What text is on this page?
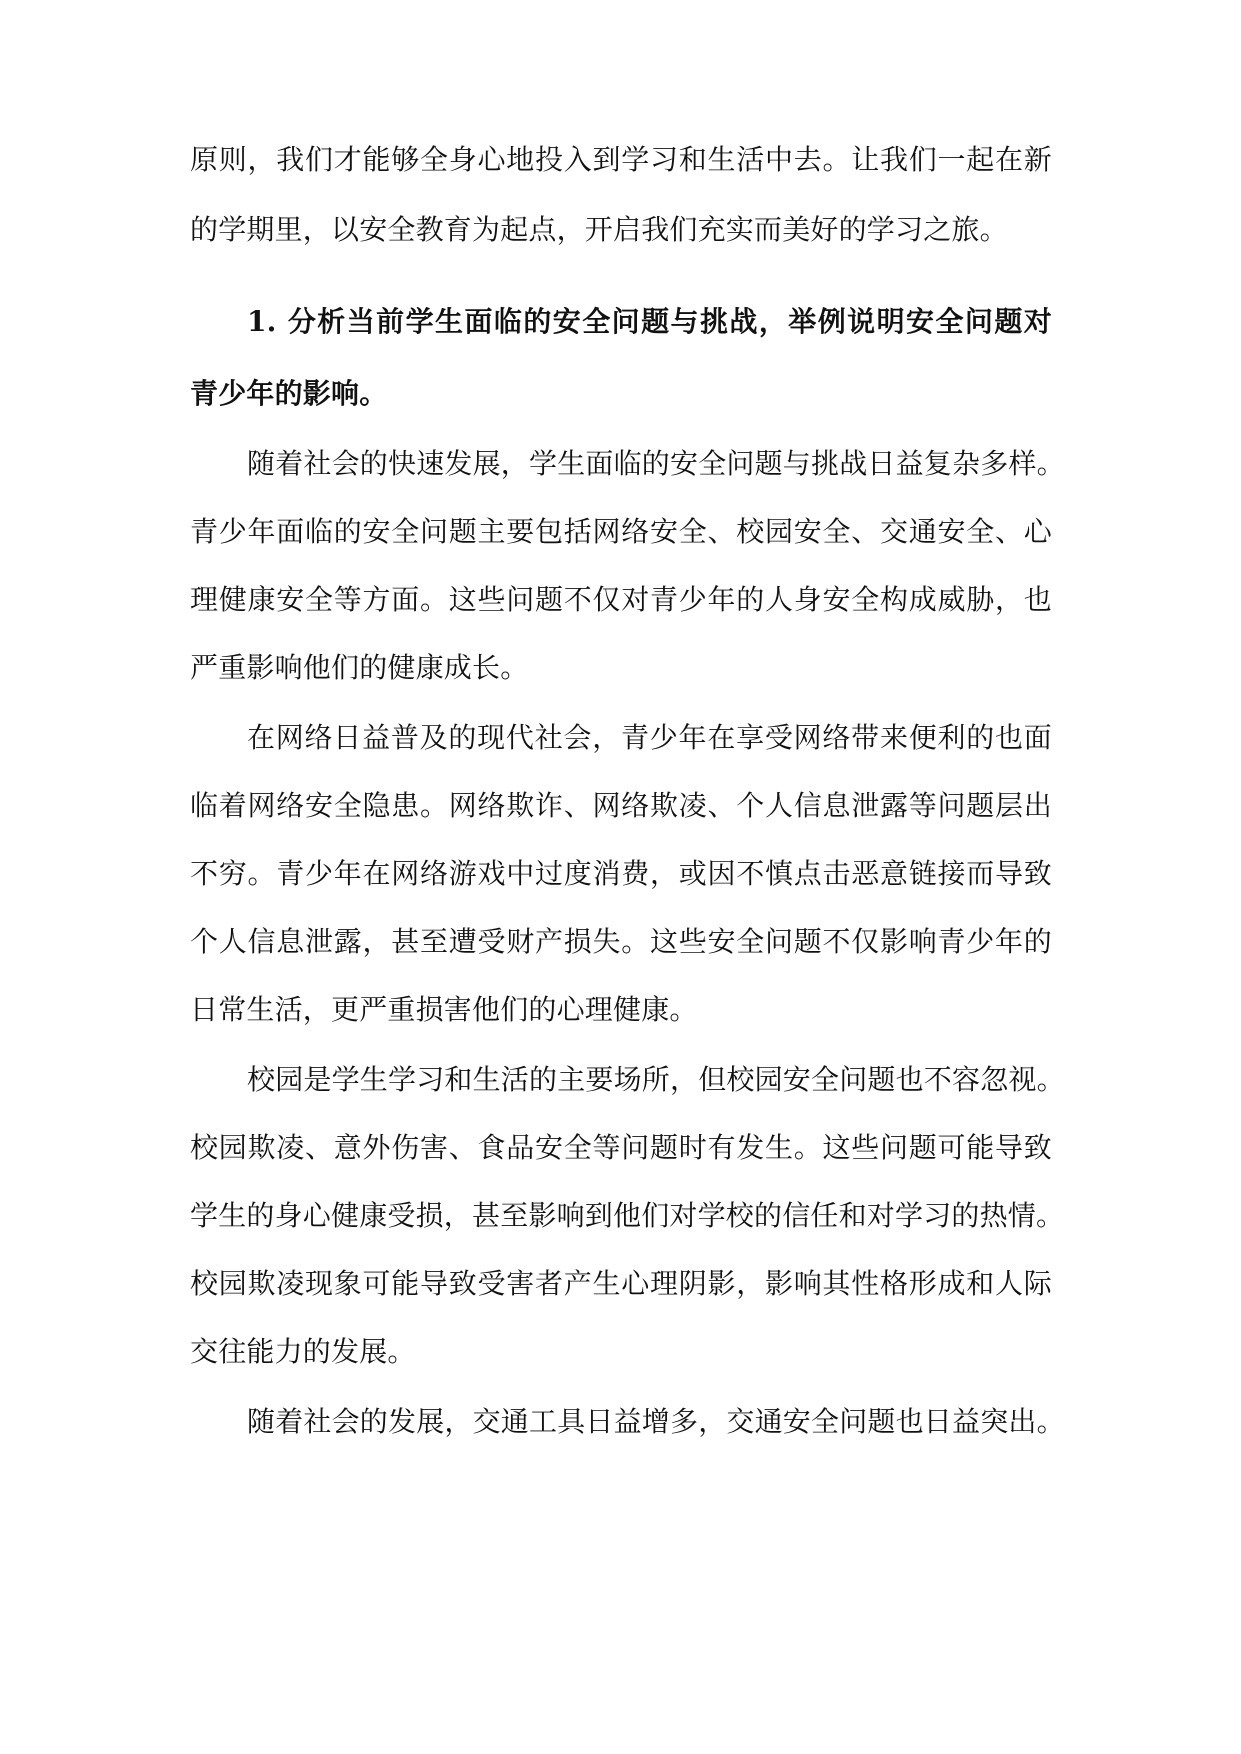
原则，我们才能够全身心地投入到学习和生活中去。让我们一起在新
的学期里，以安全教育为起点，开启我们充实而美好的学习之旅。
1. 分析当前学生面临的安全问题与挑战，举例说明安全问题对
青少年的影响。
随着社会的快速发展，学生面临的安全问题与挑战日益复杂多样。
青少年面临的安全问题主要包括网络安全、校园安全、交通安全、心
理健康安全等方面。这些问题不仅对青少年的人身安全构成威胁，也
严重影响他们的健康成长。
在网络日益普及的现代社会，青少年在享受网络带来便利的也面
临着网络安全隐患。网络欺诈、网络欺凌、个人信息泄露等问题层出
不穷。青少年在网络游戏中过度消费，或因不慎点击恶意链接而导致
个人信息泄露，甚至遭受财产损失。这些安全问题不仅影响青少年的
日常生活，更严重损害他们的心理健康。
校园是学生学习和生活的主要场所，但校园安全问题也不容忽视。
校园欺凌、意外伤害、食品安全等问题时有发生。这些问题可能导致
学生的身心健康受损，甚至影响到他们对学校的信任和对学习的热情。
校园欺凌现象可能导致受害者产生心理阴影，影响其性格形成和人际
交往能力的发展。
随着社会的发展，交通工具日益增多，交通安全问题也日益突出。
